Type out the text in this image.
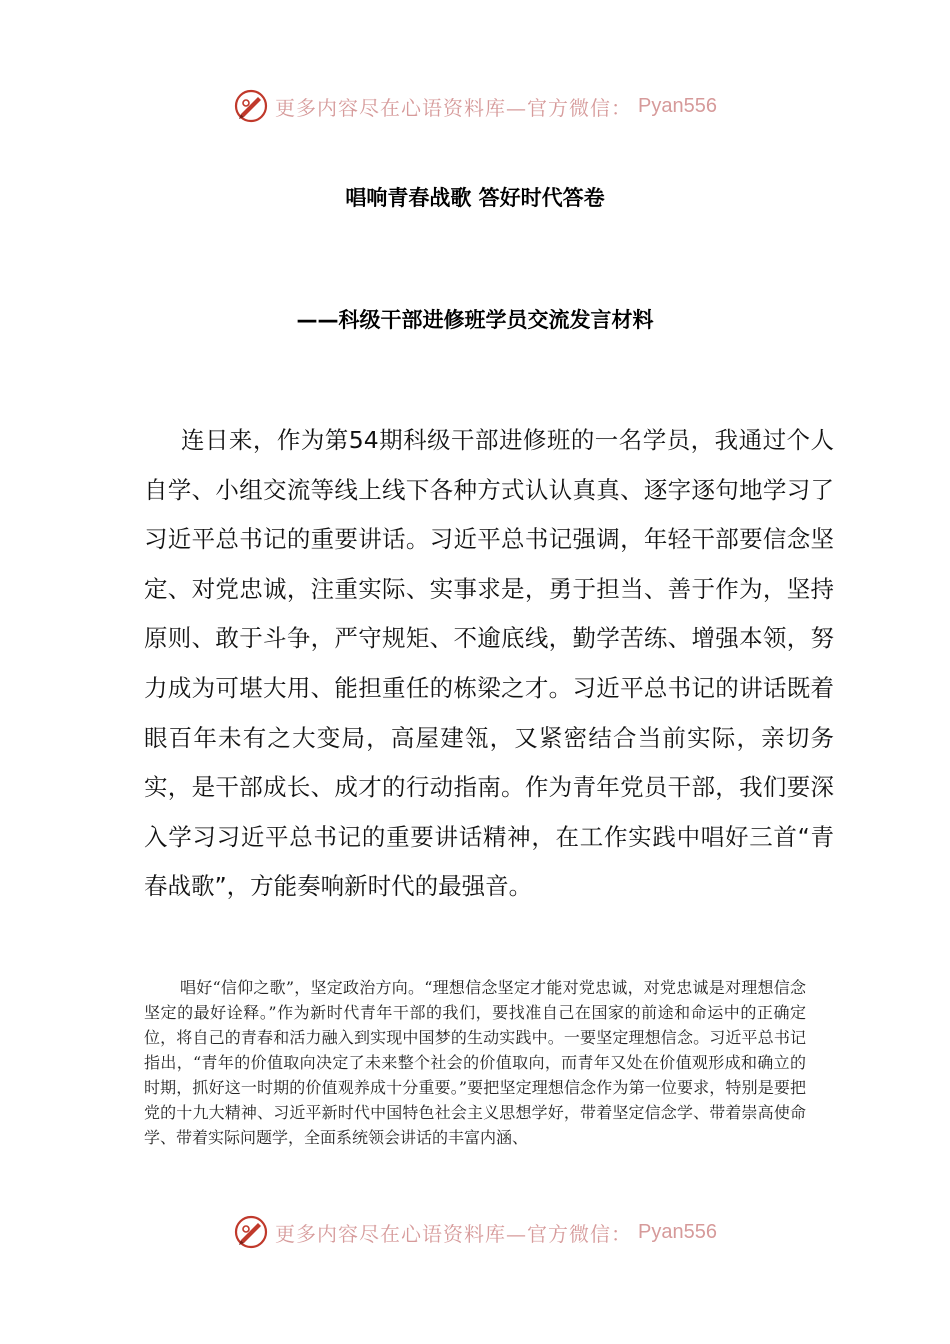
更多内容尽在心语资料库—官方微信： Pyan556
唱响青春战歌 答好时代答卷
——科级干部进修班学员交流发言材料

连日来，作为第54期科级干部进修班的一名学员，我通过个人自学、小组交流等线上线下各种方式认认真真、逐字逐句地学习了习近平总书记的重要讲话。习近平总书记强调，年轻干部要信念坚定、对党忠诚，注重实际、实事求是，勇于担当、善于作为，坚持原则、敢于斗争，严守规矩、不逾底线，勤学苦练、增强本领，努力成为可堪大用、能担重任的栋梁之才。习近平总书记的讲话既着眼百年未有之大变局，高屋建瓴，又紧密结合当前实际，亲切务实，是干部成长、成才的行动指南。作为青年党员干部，我们要深入学习习近平总书记的重要讲话精神，在工作实践中唱好三首“青春战歌”，方能奏响新时代的最强音。

唱好“信仰之歌”，坚定政治方向。“理想信念坚定才能对党忠诚，对党忠诚是对理想信念坚定的最好诠释。”作为新时代青年干部的我们，要找准自己在国家的前途和命运中的正确定位，将自己的青春和活力融入到实现中国梦的生动实践中。一要坚定理想信念。习近平总书记指出，“青年的价值取向决定了未来整个社会的价值取向，而青年又处在价值观形成和确立的时期，抓好这一时期的价值观养成十分重要。”要把坚定理想信念作为第一位要求，特别是要把党的十九大精神、习近平新时代中国特色社会主义思想学好，带着坚定信念学、带着崇高使命学、带着实际问题学，全面系统领会讲话的丰富内涵、

更多内容尽在心语资料库—官方微信： Pyan556
